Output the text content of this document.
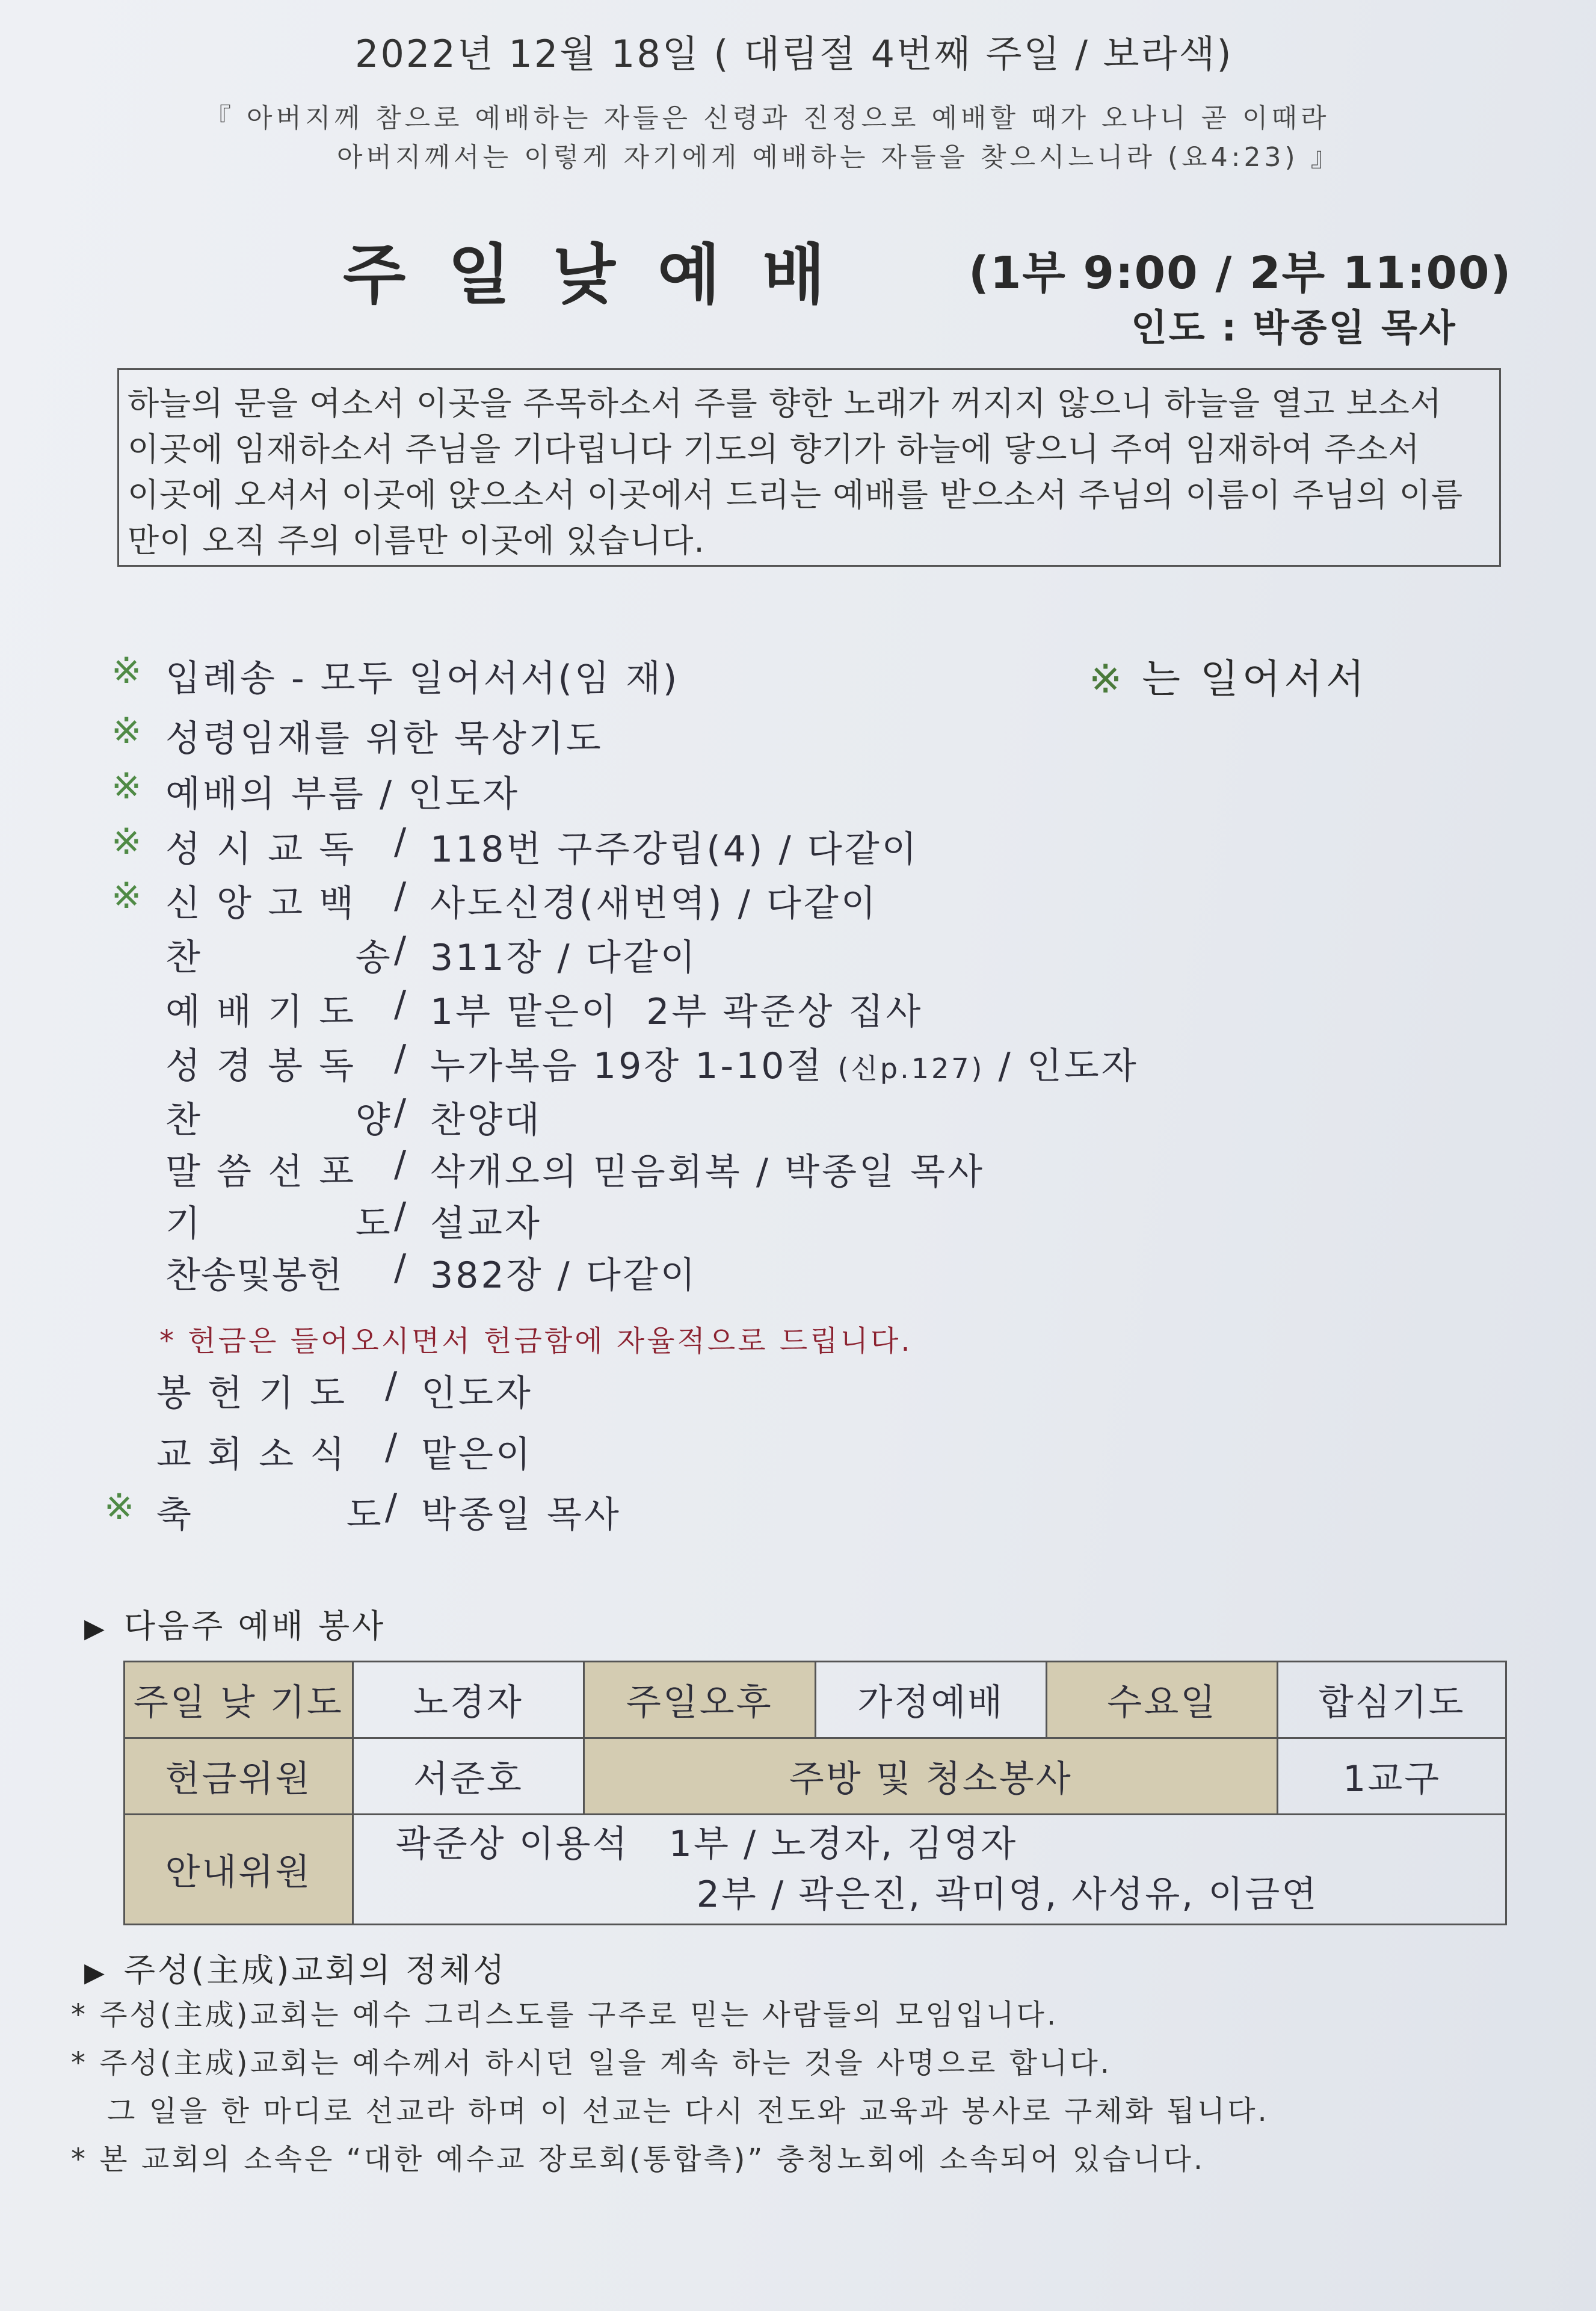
2022년 12월 18일 ( 대림절 4번째 주일 / 보라색)
『 아버지께 참으로 예배하는 자들은 신령과 진정으로 예배할 때가 오나니 곧 이때라
아버지께서는 이렇게 자기에게 예배하는 자들을 찾으시느니라 (요4:23) 』
주일낮예배 (1부 9:00 / 2부 11:00)
인도 : 박종일 목사
하늘의 문을 여소서 이곳을 주목하소서 주를 향한 노래가 꺼지지 않으니 하늘을 열고 보소서
이곳에 임재하소서 주님을 기다립니다 기도의 향기가 하늘에 닿으니 주여 임재하여 주소서
이곳에 오셔서 이곳에 앉으소서 이곳에서 드리는 예배를 받으소서 주님의 이름이 주님의 이름
만이 오직 주의 이름만 이곳에 있습니다.
※ 는 일어서서
※ 입례송 - 모두 일어서서(임 재)
※ 성령임재를 위한 묵상기도
※ 예배의 부름 / 인도자
※ 성 시 교 독	/ 118번 구주강림(4) / 다같이
※ 신 앙 고 백	/ 사도신경(새번역) / 다같이
찬           송 / 311장 / 다같이
예 배 기 도	/ 1부 맡은이  2부 곽준상 집사
성 경 봉 독	/ 누가복음 19장 1-10절 (신p.127) / 인도자
찬           양 / 찬양대
말 씀 선 포	/ 삭개오의 믿음회복 / 박종일 목사
기           도 / 설교자
찬송및봉헌	/ 382장 / 다같이
봉 헌 기 도	/ 인도자
교 회 소 식	/ 맡은이
※ 축           도 / 박종일 목사
* 헌금은 들어오시면서 헌금함에 자율적으로 드립니다.
▶ 다음주 예배 봉사
주일 낮 기도	노경자	주일오후	가정예배	수요일	합심기도
헌금위원	서준호	주방 및 청소봉사			1교구
안내위원	곽준상 이용석   1부 / 노경자, 김영자
2부 / 곽은진, 곽미영, 사성유, 이금연				
▶ 주성(主成)교회의 정체성
* 주성(主成)교회는 예수 그리스도를 구주로 믿는 사람들의 모임입니다.
* 주성(主成)교회는 예수께서 하시던 일을 계속 하는 것을 사명으로 합니다.
그 일을 한 마디로 선교라 하며 이 선교는 다시 전도와 교육과 봉사로 구체화 됩니다.
* 본 교회의 소속은 “대한 예수교 장로회(통합측)” 충청노회에 소속되어 있습니다.
